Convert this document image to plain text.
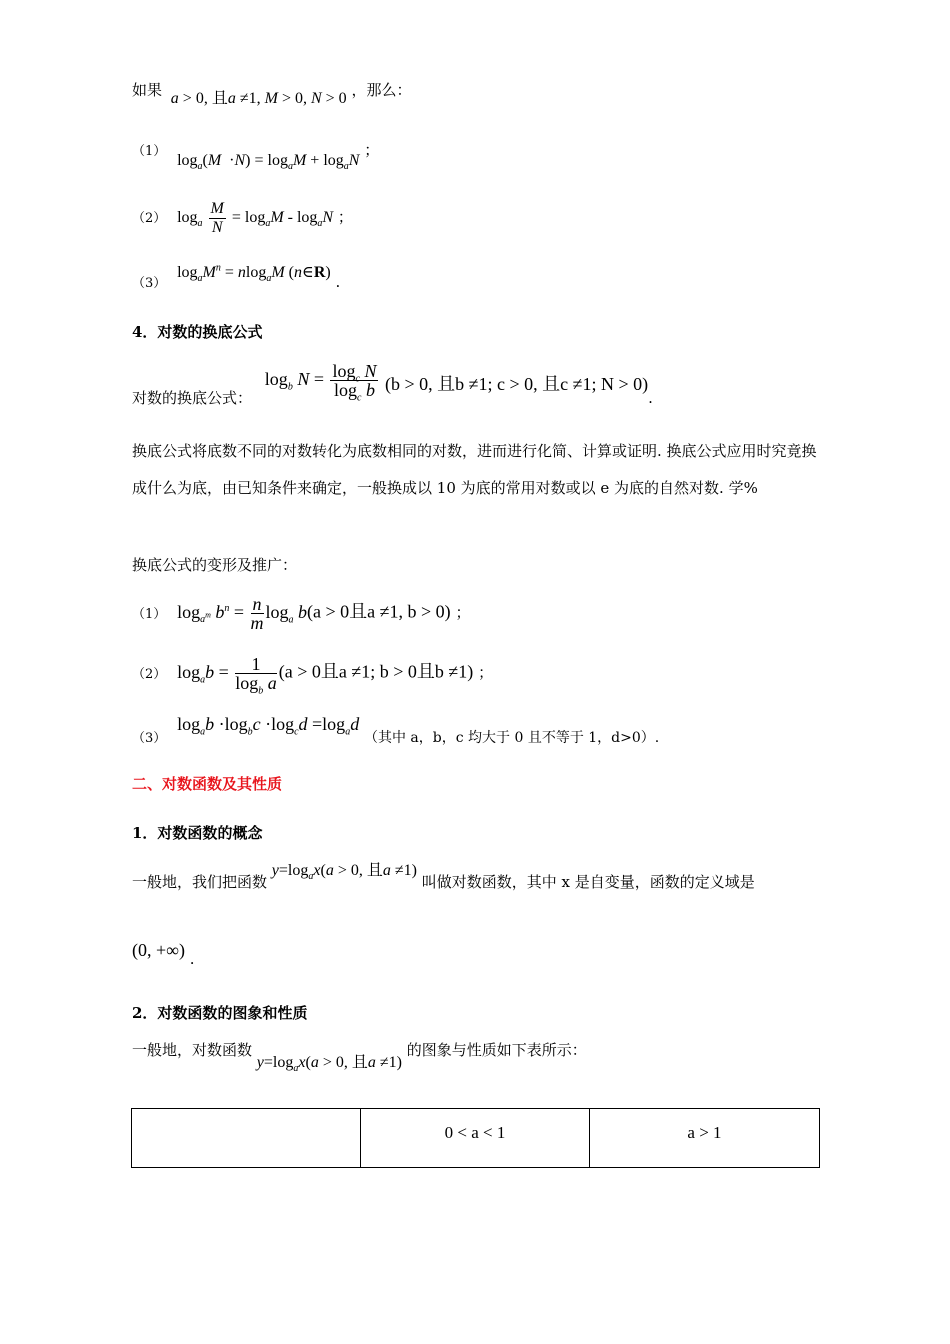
如果 a > 0, 且a ≠1, M > 0, N > 0 ，那么：
（1） $\log_a(M \cdot N) = \log_aM + \log_aN$ ；
（2） $\log_a \frac{M}{N} = \log_aM - \log_aN$ ；
（3） $\log_aM^n = nlog_aM$ (n∈R) .
4．对数的换底公式
对数的换底公式： $\log_b N = \frac{\log_c N}{\log_c b} (b > 0$, 且b ≠1; c > 0, 且c ≠1; N > 0).
换底公式将底数不同的对数转化为底数相同的对数，进而进行化简、计算或证明. 换底公式应用时究竟换成什么为底，由已知条件来确定，一般换成以 10 为底的常用对数或以 e 为底的自然对数. 学%
换底公式的变形及推广：
（1） $\log_{a^m} b^n = \frac{n}{m} \log_a b(a > 0$且a ≠1, b > 0) ；
（2） $\log_ab = \frac{1}{\log_b a} (a > 0$且a ≠1; b > 0且b ≠1) ；
（3） $\log_ab \cdot\log_bc \cdot\log_cd =\log_ad$ （其中 a，b，c 均大于 0 且不等于 1，d>0）.
二、对数函数及其性质
1．对数函数的概念
一般地，我们把函数 $y=\log_ax(a > 0$, 且a ≠1) 叫做对数函数，其中 x 是自变量，函数的定义域是
(0, +∞) .
2．对数函数的图象和性质
一般地，对数函数 $y=\log_ax(a > 0$, 且a ≠1) 的图象与性质如下表所示：
	0 < a < 1	a > 1
